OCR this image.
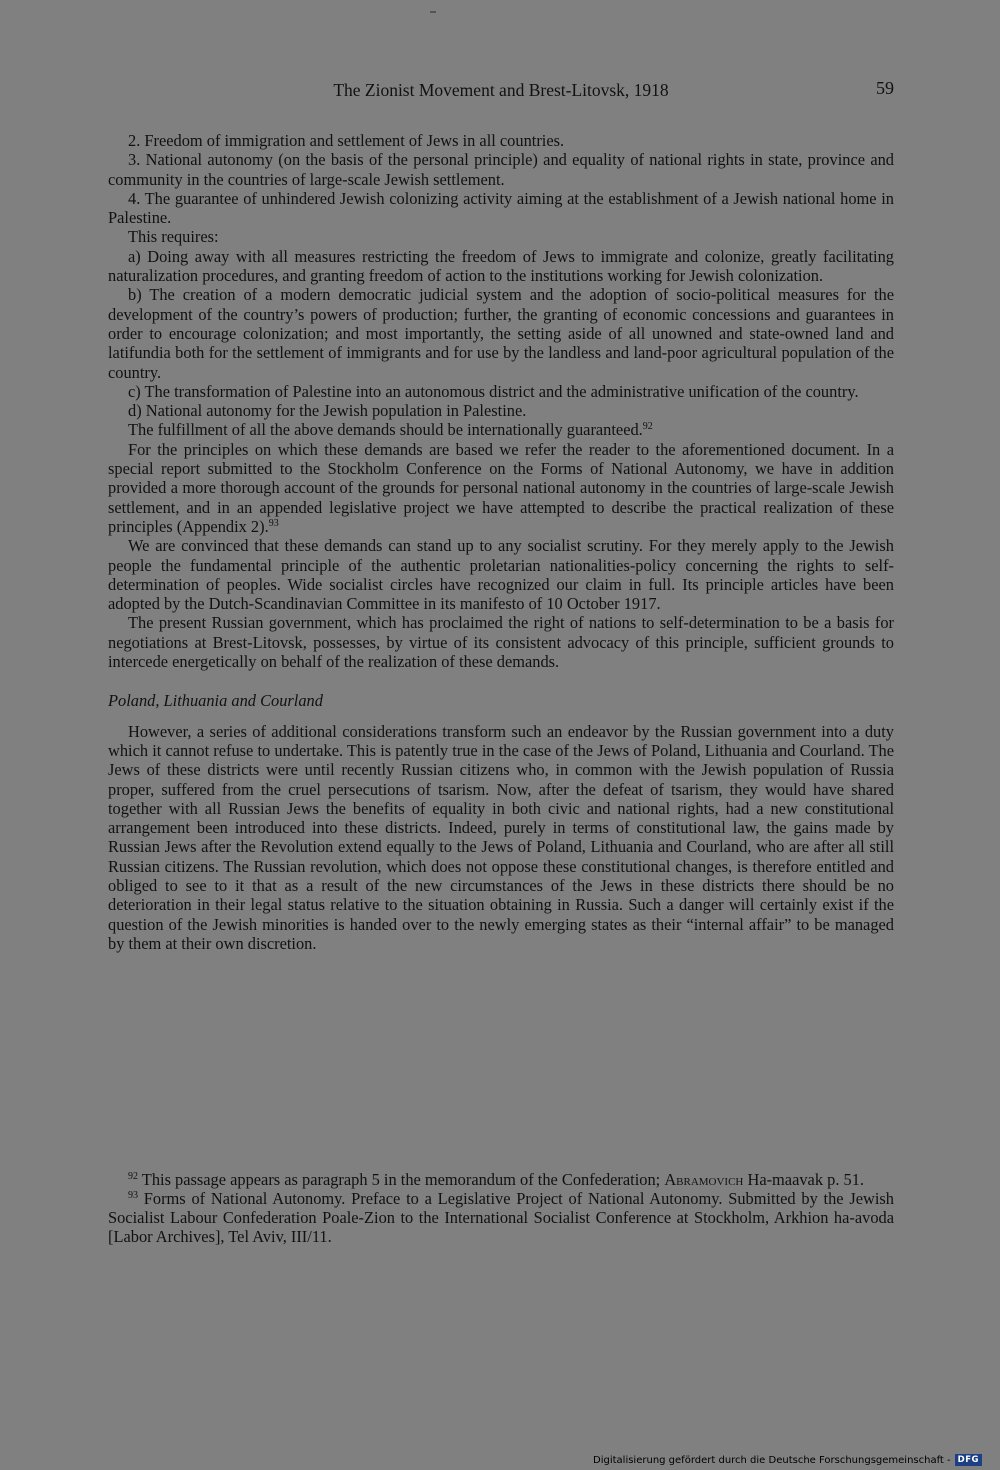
The Zionist Movement and Brest-Litovsk, 1918	59

2. Freedom of immigration and settlement of Jews in all countries.

3. National autonomy (on the basis of the personal principle) and equality of national rights in state, province and community in the countries of large-scale Jewish settlement.

4. The guarantee of unhindered Jewish colonizing activity aiming at the establishment of a Jewish national home in Palestine.

This requires:

a) Doing away with all measures restricting the freedom of Jews to immigrate and colonize, greatly facilitating naturalization procedures, and granting freedom of action to the institutions working for Jewish colonization.

b) The creation of a modern democratic judicial system and the adoption of socio-political measures for the development of the country’s powers of production; further, the granting of economic concessions and guarantees in order to encourage colonization; and most importantly, the setting aside of all unowned and state-owned land and latifundia both for the settlement of immigrants and for use by the landless and land-poor agricultural population of the country.

c) The transformation of Palestine into an autonomous district and the administrative unification of the country.

d) National autonomy for the Jewish population in Palestine.

The fulfillment of all the above demands should be internationally guaranteed.$^{92}$

For the principles on which these demands are based we refer the reader to the aforementioned document. In a special report submitted to the Stockholm Conference on the Forms of National Autonomy, we have in addition provided a more thorough account of the grounds for personal national autonomy in the countries of large-scale Jewish settlement, and in an appended legislative project we have attempted to describe the practical realization of these principles (Appendix 2).$^{93}$

We are convinced that these demands can stand up to any socialist scrutiny. For they merely apply to the Jewish people the fundamental principle of the authentic proletarian nationalities-policy concerning the rights to self-determination of peoples. Wide socialist circles have recognized our claim in full. Its principle articles have been adopted by the Dutch-Scandinavian Committee in its manifesto of 10 October 1917.

The present Russian government, which has proclaimed the right of nations to self-determination to be a basis for negotiations at Brest-Litovsk, possesses, by virtue of its consistent advocacy of this principle, sufficient grounds to intercede energetically on behalf of the realization of these demands.

Poland, Lithuania and Courland

However, a series of additional considerations transform such an endeavor by the Russian government into a duty which it cannot refuse to undertake. This is patently true in the case of the Jews of Poland, Lithuania and Courland. The Jews of these districts were until recently Russian citizens who, in common with the Jewish population of Russia proper, suffered from the cruel persecutions of tsarism. Now, after the defeat of tsarism, they would have shared together with all Russian Jews the benefits of equality in both civic and national rights, had a new constitutional arrangement been introduced into these districts. Indeed, purely in terms of constitutional law, the gains made by Russian Jews after the Revolution extend equally to the Jews of Poland, Lithuania and Courland, who are after all still Russian citizens. The Russian revolution, which does not oppose these constitutional changes, is therefore entitled and obliged to see to it that as a result of the new circumstances of the Jews in these districts there should be no deterioration in their legal status relative to the situation obtaining in Russia. Such a danger will certainly exist if the question of the Jewish minorities is handed over to the newly emerging states as their “internal affair” to be managed by them at their own discretion.

$^{92}$ This passage appears as paragraph 5 in the memorandum of the Confederation; Abramovich Ha-maavak p. 51.

$^{93}$ Forms of National Autonomy. Preface to a Legislative Project of National Autonomy. Submitted by the Jewish Socialist Labour Confederation Poale-Zion to the International Socialist Conference at Stockholm, Arkhion ha-avoda [Labor Archives], Tel Aviv, III/11.

Digitalisierung gefördert durch die Deutsche Forschungsgemeinschaft - DFG
